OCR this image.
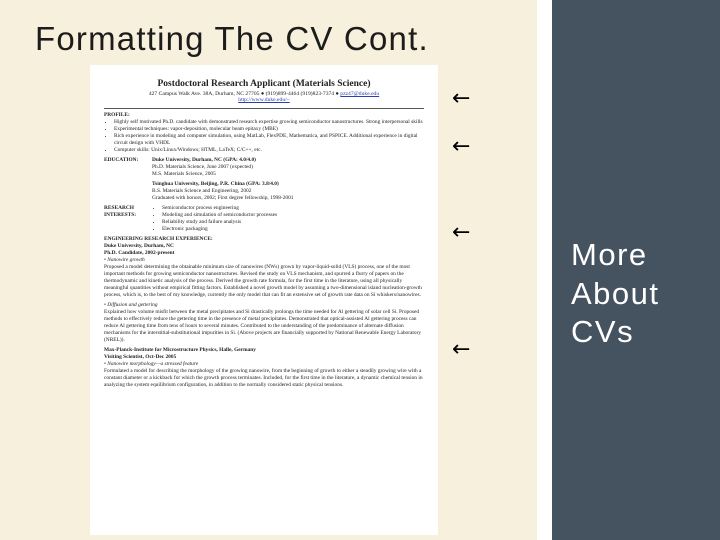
Formatting The CV Cont.
More
About
CVs
Postdoctoral Research Applicant (Materials Science)
427 Campus Walk Ave. 38A, Durham, NC 27705 ● (919)899-4464 (919)823-7374 ● pzz47@duke.edu
http://www.duke.edu/~
PROFILE:
• Highly self motivated Ph.D. candidate with demonstrated research expertise growing semiconductor nanostructures. Strong interpersonal skills
• Experimental techniques: vapor-deposition, molecular beam epitaxy (MBE)
• Rich experience in modeling and computer simulation, using MatLab, FlexPDE, Mathematica, and PSPICE. Additional experience in digital circuit design with VHDL
• Computer skills: Unix/Linux/Windows; HTML, LaTeX; C/C++, etc.
EDUCATION:	Duke University, Durham, NC (GPA: 4.0/4.0)
Ph.D. Materials Science, June 2007 (expected)
M.S. Materials Science, 2005
Tsinghua University, Beijing, P.R. China (GPA: 3.8/4.0)
B.S. Materials Science and Engineering, 2002
Graduated with honors, 2002; First degree fellowship, 1998-2001
RESEARCH INTERESTS:
• Semiconductor process engineering
• Modeling and simulation of semiconductor processes
• Reliability study and failure analysis
• Electronic packaging
ENGINEERING RESEARCH EXPERIENCE:
Duke University, Durham, NC
Ph.D. Candidate, 2002-present
• Nanowire growth

Proposed a model determining the obtainable minimum size of nanowires (NWs) grown by vapor-liquid-solid (VLS) process, one of the most important methods for growing semiconductor nanostructures. Revised the study on VLS mechanism, and spurred a flurry of papers on the thermodynamic and kinetic analysis of the process. Derived the growth rate formula, for the first time in the literature, using all physically meaningful quantities without empirical fitting factors. Established a novel growth model by assuming a two-dimensional island nucleation-growth process, which is, to the best of my knowledge, currently the only model that can fit an extensive set of growth rate data on Si whiskers/nanowires.

• Diffusion and gettering

Explained how volume misfit between the metal precipitates and Si drastically prolongs the time needed for Al gettering of solar cell Si. Proposed methods to effectively reduce the gettering time in the presence of metal precipitates. Demonstrated that optical-assisted Al gettering process can reduce Al gettering time from tens of hours to several minutes. Contributed to the understanding of the predominance of alternate diffusion mechanisms for the interstitial-substitutional impurities in Si. (Above projects are financially supported by National Renewable Energy Laboratory (NREL)).

Max-Planck-Institute for Microstructure Physics, Halle, Germany
Visiting Scientist, Oct-Dec 2005
• Nanowire morphology—a stressed feature

Formulated a model for describing the morphology of the growing nanowire, from the beginning of growth to either a steadily growing wire with a constant diameter or a kickback for which the growth process terminates. Included, for the first time in the literature, a dynamic chemical tension in analyzing the system equilibrium configuration, in addition to the normally considered static physical tensions.

←
←
←
←
